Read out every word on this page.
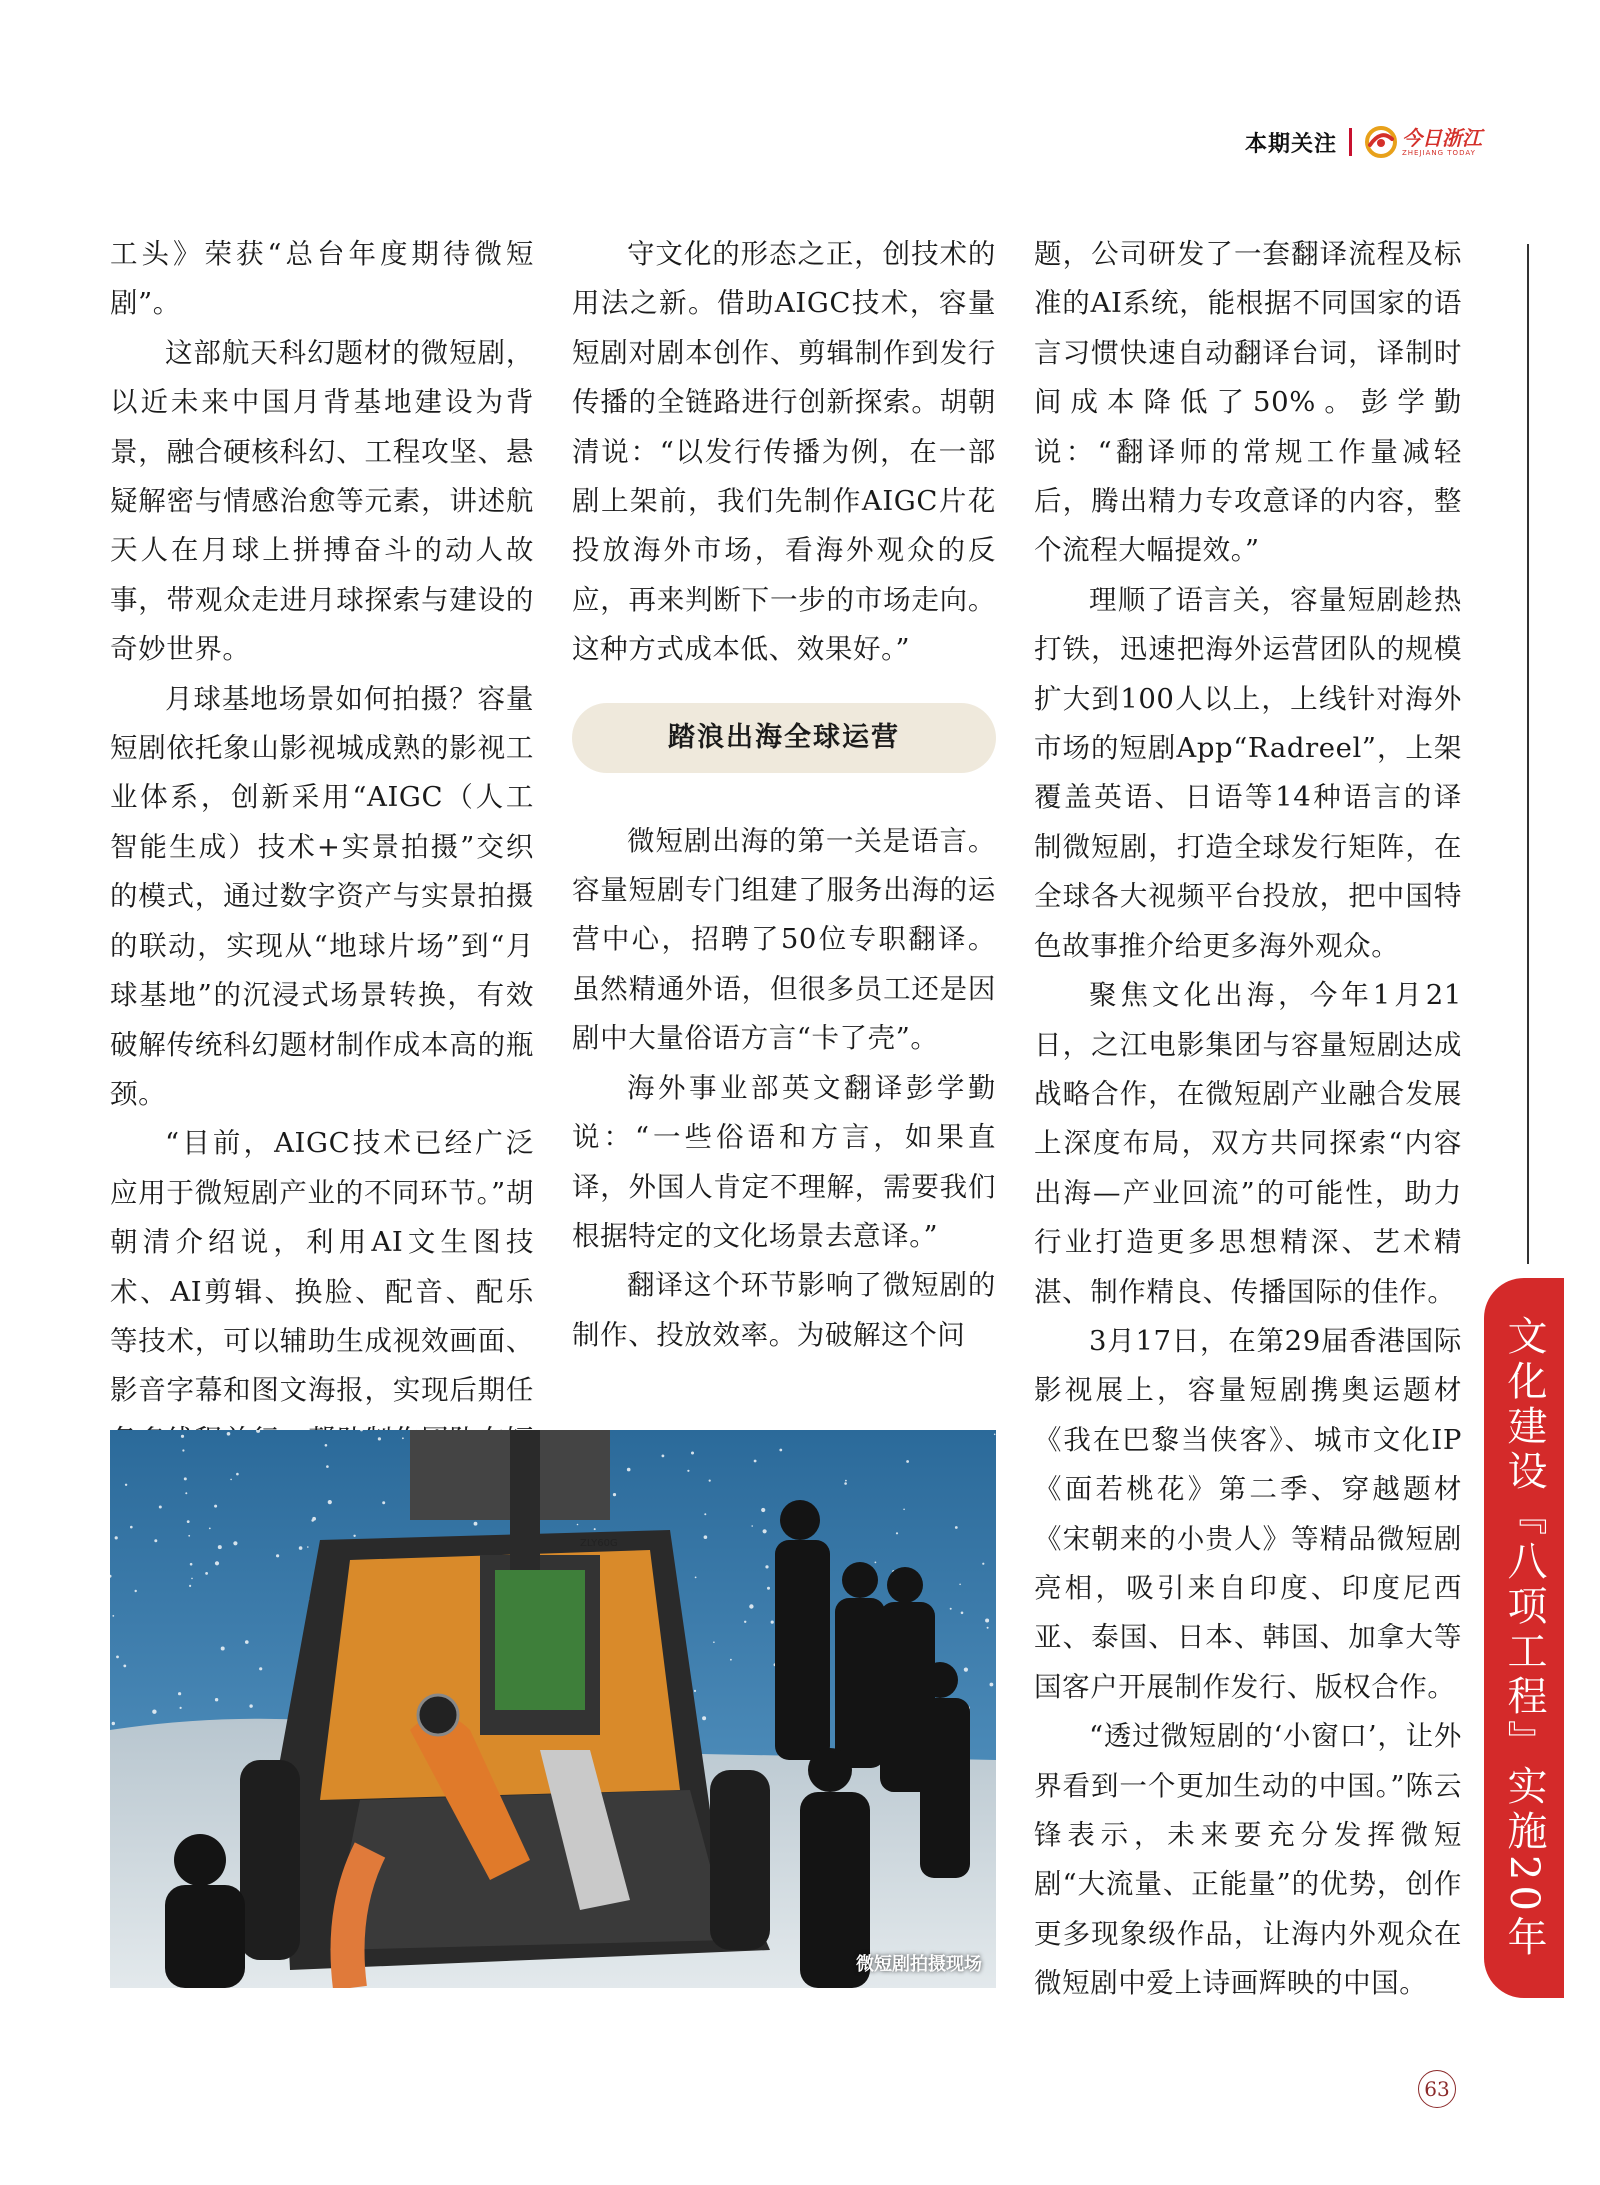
本期关注	今日浙江
ZHEJIANG TODAY

工头》荣获“总台年度期待微短剧”。

这部航天科幻题材的微短剧，以近未来中国月背基地建设为背景，融合硬核科幻、工程攻坚、悬疑解密与情感治愈等元素，讲述航天人在月球上拼搏奋斗的动人故事，带观众走进月球探索与建设的奇妙世界。

月球基地场景如何拍摄？容量短剧依托象山影视城成熟的影视工业体系，创新采用“AIGC（人工智能生成）技术+实景拍摄”交织的模式，通过数字资产与实景拍摄的联动，实现从“地球片场”到“月球基地”的沉浸式场景转换，有效破解传统科幻题材制作成本高的瓶颈。

“目前，AIGC技术已经广泛应用于微短剧产业的不同环节。”胡朝清介绍说，利用AI文生图技术、AI剪辑、换脸、配音、配乐等技术，可以辅助生成视效画面、影音字幕和图文海报，实现后期任

守文化的形态之正，创技术的用法之新。借助AIGC技术，容量短剧对剧本创作、剪辑制作到发行传播的全链路进行创新探索。胡朝清说：“以发行传播为例，在一部剧上架前，我们先制作AIGC片花投放海外市场，看海外观众的反应，再来判断下一步的市场走向。这种方式成本低、效果好。”

踏浪出海全球运营

微短剧出海的第一关是语言。容量短剧专门组建了服务出海的运营中心，招聘了50位专职翻译。虽然精通外语，但很多员工还是因剧中大量俗语方言“卡了壳”。

海外事业部英文翻译彭学勤说：“一些俗语和方言，如果直译，外国人肯定不理解，需要我们根据特定的文化场景去意译。”

翻译这个环节影响了微短剧的制作、投放效率。为破解这个问

题，公司研发了一套翻译流程及标准的AI系统，能根据不同国家的语言习惯快速自动翻译台词，译制时间成本降低了50%。彭学勤说：“翻译师的常规工作量减轻后，腾出精力专攻意译的内容，整个流程大幅提效。”

理顺了语言关，容量短剧趁热打铁，迅速把海外运营团队的规模扩大到100人以上，上线针对海外市场的短剧App“Radreel”，上架覆盖英语、日语等14种语言的译制微短剧，打造全球发行矩阵，在全球各大视频平台投放，把中国特色故事推介给更多海外观众。

聚焦文化出海，今年1月21日，之江电影集团与容量短剧达成战略合作，在微短剧产业融合发展上深度布局，双方共同探索“内容出海—产业回流”的可能性，助力行业打造更多思想精深、艺术精湛、制作精良、传播国际的佳作。

3月17日，在第29届香港国际影视展上，容量短剧携奥运题材《我在巴黎当侠客》、城市文化IP《面若桃花》第二季、穿越题材《宋朝来的小贵人》等精品微短剧亮相，吸引来自印度、印度尼西亚、泰国、日本、韩国、加拿大等国客户开展制作发行、版权合作。

“透过微短剧的‘小窗口’，让外界看到一个更加生动的中国。”陈云锋表示，未来要充分发挥微短剧“大流量、正能量”的优势，创作更多现象级作品，让海内外观众在微短剧中爱上诗画辉映的中国。

ZLY60G
微短剧拍摄现场
文化建设『八项工程』实施20年
63
